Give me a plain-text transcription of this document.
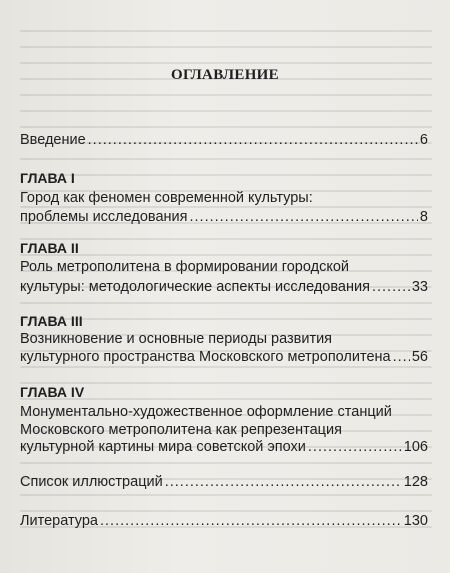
ОГЛАВЛЕНИЕ
Введение .....	6
ГЛАВА I
Город как феномен современной культуры:
проблемы исследования .....	8
ГЛАВА II
Роль метрополитена в формировании городской
культуры: методологические аспекты исследования .....	33
ГЛАВА III
Возникновение и основные периоды развития
культурного пространства Московского метрополитена ..... 56
ГЛАВА IV
Монументально-художественное оформление станций
Московского метрополитена как репрезентация
культурной картины мира советской эпохи .....	106
Список иллюстраций .....	128
Литература .....	130
